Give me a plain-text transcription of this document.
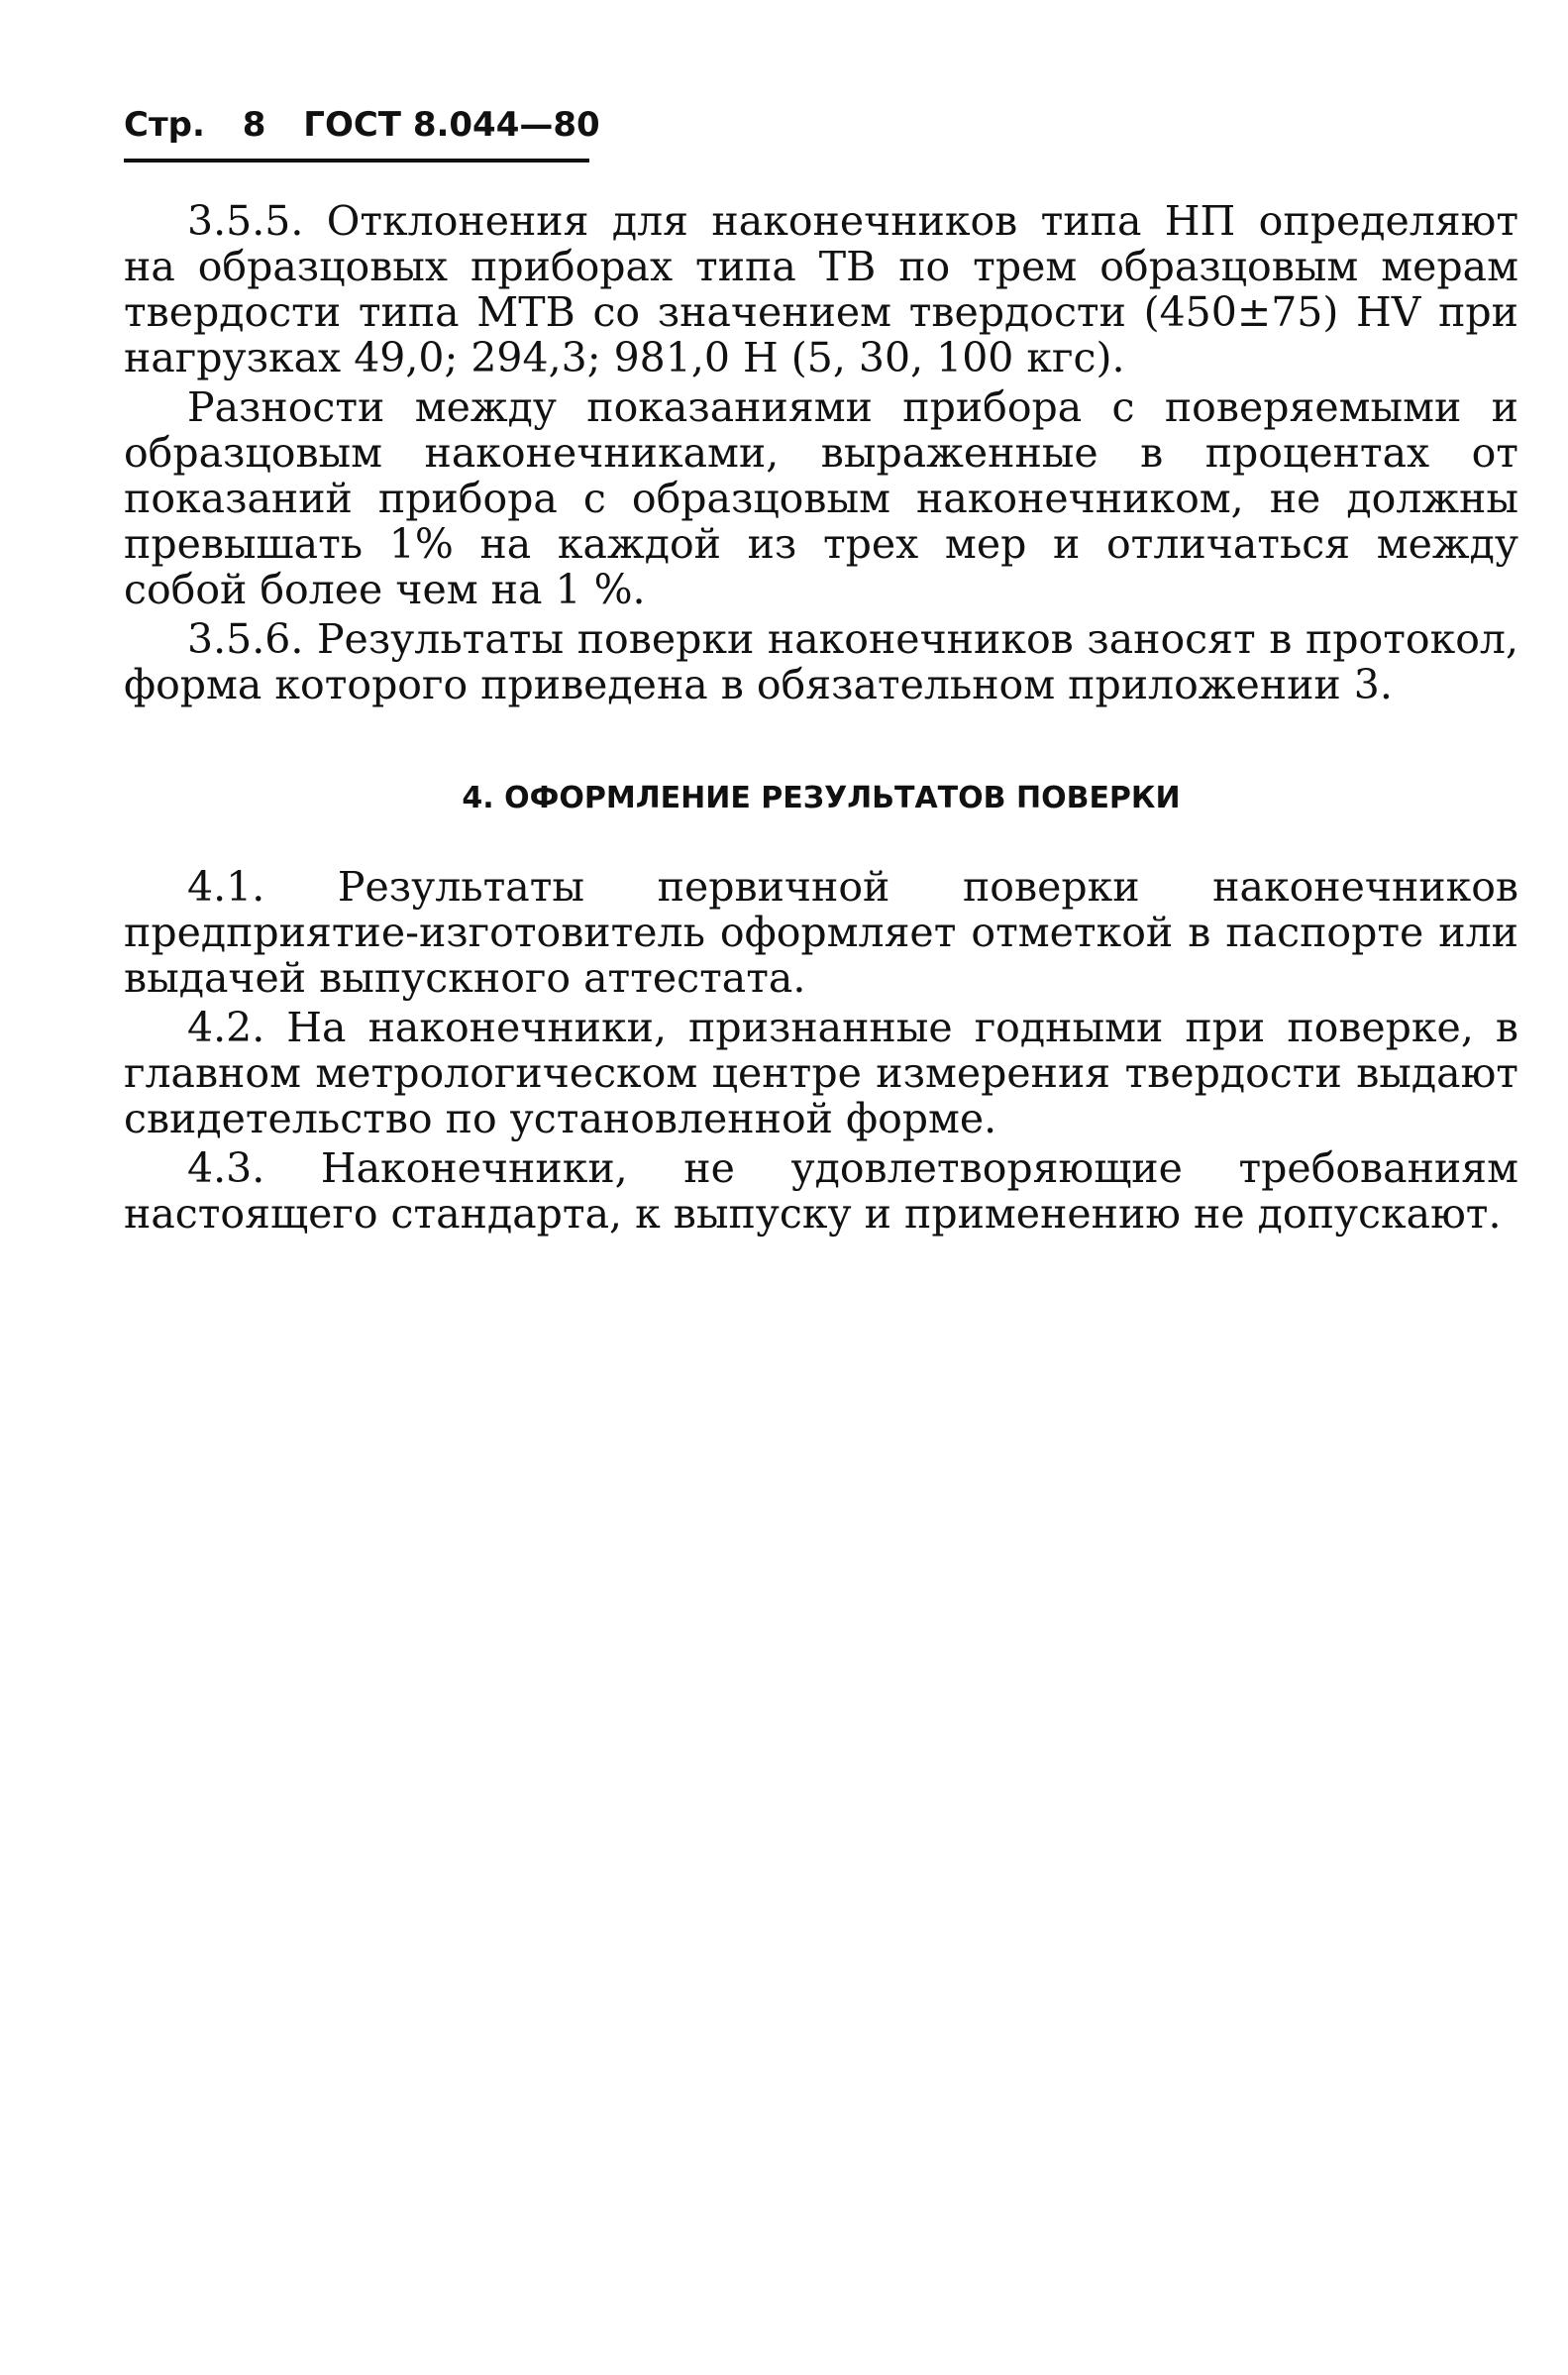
Стр. 8 ГОСТ 8.044—80

3.5.5. Отклонения для наконечников типа НП определяют на образцовых приборах типа ТВ по трем образцовым мерам твердости типа МТВ со значением твердости (450±75) HV при нагрузках 49,0; 294,3; 981,0 Н (5, 30, 100 кгс).

Разности между показаниями прибора с поверяемыми и образцовым наконечниками, выраженные в процентах от показаний прибора с образцовым наконечником, не должны превышать 1% на каждой из трех мер и отличаться между собой более чем на 1 %.

3.5.6. Результаты поверки наконечников заносят в протокол, форма которого приведена в обязательном приложении 3.

4. ОФОРМЛЕНИЕ РЕЗУЛЬТАТОВ ПОВЕРКИ

4.1. Результаты первичной поверки наконечников предприятие-изготовитель оформляет отметкой в паспорте или выдачей выпускного аттестата.

4.2. На наконечники, признанные годными при поверке, в главном метрологическом центре измерения твердости выдают свидетельство по установленной форме.

4.3. Наконечники, не удовлетворяющие требованиям настоящего стандарта, к выпуску и применению не допускают.
